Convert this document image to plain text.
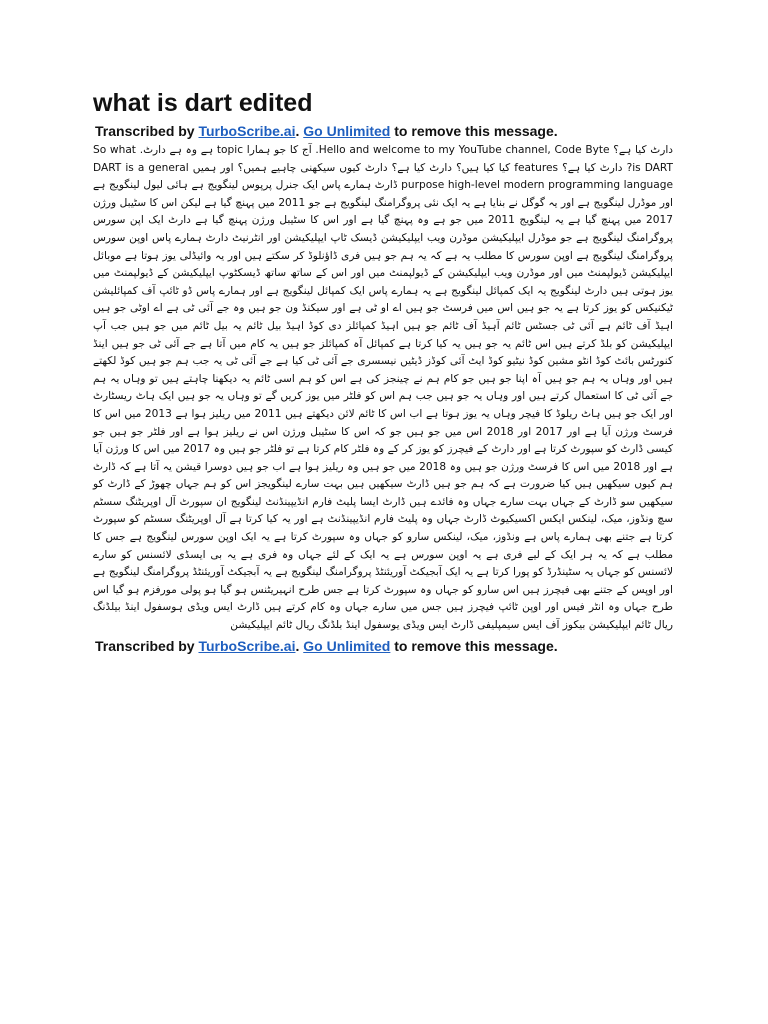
what is dart edited
Transcribed by TurboScribe.ai. Go Unlimited to remove this message.
دارٹ کیا ہے؟ Hello and welcome to my YouTube channel, Code Byte. آج کا جو ہمارا topic ہے وہ ہے دارٹ. So what is DART? دارٹ کیا ہے؟ features کیا کیا ہیں؟ دارٹ کیا ہے؟ دارٹ کیوں سیکھنی چاہیے ہمیں؟ اور ہمیں DART is a general purpose high-level modern programming language ڈارٹ ہمارے پاس ایک جنرل پرپوس لینگویج ہے ہائی لیول لینگویج ہے اور موڈرل لینگویج ہے اور یہ گوگل نے بنایا ہے یہ ایک نئی پروگرامنگ لینگویج ہے جو 2011 میں پہنچ گیا ہے لیکن اس کا سٹیبل ورژن 2017 میں پہنچ گیا ہے یہ لینگویج 2011 میں جو ہے وہ پہنچ گیا ہے اور اس کا سٹیبل ورژن پہنچ گیا ہے دارٹ ایک اپن سورس پروگرامنگ لینگویج ہے جو موڈرل ایپلیکیشن موڈرن ویب ایپلیکیشن ڈیسک ٹاپ ایپلیکیشن اور انٹرنیٹ دارٹ ہمارے پاس اوپن سورس پروگرامنگ لینگویج ہے اوپن سورس کا مطلب یہ ہے کہ یہ ہم جو ہیں فری ڈاؤنلوڈ کر سکتے ہیں اور یہ وائیڈلی یوز ہوتا ہے موبائل ایپلیکیشن ڈیولپمنٹ میں اور موڈرن ویب ایپلیکیشن کے ڈیولپمنٹ میں اور اس کے ساتھ ساتھ ڈیسکٹوپ ایپلیکیشن کے ڈیولپمنٹ میں یوز ہوتی ہیں دارٹ لینگویج یہ ایک کمپائل لینگویج ہے یہ ہمارے پاس ایک کمپائل لینگویج ہے اور ہمارے پاس ڈو ٹائپ آف کمپائلیشن ٹیکنیکس کو یوز کرتا ہے یہ جو ہیں اس میں فرسٹ جو ہیں اے او ٹی ہے اور سیکنڈ ون جو ہیں وہ جے آئی ٹی ہے اے اوٹی جو ہیں اہیڈ آف ٹائم ہے آئی ٹی جسٹس ٹائم آہیڈ آف ٹائم جو ہیں اہیڈ کمپائلز دی کوڈ اہیڈ بیل ٹائم یہ بیل ٹائم میں جو ہیں جب آپ ایپلیکیشن کو بلڈ کرتے ہیں اس ٹائم یہ جو ہیں یہ کیا کرتا ہے کمپائل آہ کمپائلز جو ہیں یہ کام میں آتا ہے جے آئی ٹی جو ہیں اینڈ کنورٹس بائٹ کوڈ انٹو مشین کوڈ نیٹیو کوڈ ایٹ آئی کوڈز ڈیٹیں نیسسری جے آئی ٹی کیا ہے جے آئی ٹی یہ جب ہم جو ہیں کوڈ لکھتے ہیں اور وہاں یہ ہم جو ہیں آہ اپنا جو ہیں جو کام ہم نے چینجز کی ہے اس کو ہم اسی ٹائم یہ دیکھنا چاہتے ہیں تو وہاں یہ ہم جے آئی ٹی کا استعمال کرتے ہیں اور وہاں یہ جو ہیں جب ہم اس کو فلٹر میں یوز کریں گے تو وہاں یہ جو ہیں ایک ہاٹ ریسٹارٹ اور ایک جو ہیں ہاٹ ریلوڈ کا فیچر وہاں یہ یوز ہوتا ہے اب اس کا ٹائم لائن دیکھتے ہیں 2011 میں ریلیز ہوا ہے 2013 میں اس کا فرسٹ ورژن آیا ہے اور 2017 اور 2018 اس میں جو ہیں جو کہ اس کا سٹیبل ورژن اس نے ریلیز ہوا ہے اور فلٹر جو ہیں جو کیسی ڈارٹ کو سپورٹ کرتا ہے اور دارٹ کے فیچرز کو یوز کر کے وہ فلٹر کام کرتا ہے تو فلٹر جو ہیں وہ 2017 میں اس کا ورژن آیا ہے اور 2018 میں اس کا فرسٹ ورژن جو ہیں وہ 2018 میں جو ہیں وہ ریلیز ہوا ہے اب جو ہیں دوسرا قیشن یہ آتا ہے کہ ڈارٹ ہم کیوں سیکھیں ہیں کیا ضرورت ہے کہ ہم جو ہیں ڈارٹ سیکھیں ہیں بہت سارے لینگویجز اس کو ہم جہاں چھوڑ کے ڈارٹ کو سیکھیں سو ڈارٹ کے جہاں بہت سارے جہاں وہ فائدے ہیں ڈارٹ ایسا پلیٹ فارم انڈیپینڈنٹ لینگویج ان سپورٹ آل اوپریٹنگ سسٹم سچ ونڈوز، میک، لینکس ایکس اکسیکیوٹ ڈارٹ جہاں وہ پلیٹ فارم انڈیپینڈنٹ ہے اور یہ کیا کرتا ہے آل اوپریٹنگ سسٹم کو سپورٹ کرتا ہے جتنے بھی ہمارے پاس ہے ونڈوز، میک، لینکس سارو کو جہاں وہ سپورٹ کرتا ہے یہ ایک اوپن سورس لینگویج ہے جس کا مطلب ہے کہ یہ ہر ایک کے لیے فری ہے یہ اوپن سورس ہے یہ ایک کے لئے جہاں وہ فری ہے یہ بی ایسڈی لائسنس کو سارے لائسنس کو جہاں یہ سٹینڈرڈ کو پورا کرتا ہے یہ ایک آبجیکٹ آوریئنٹڈ پروگرامنگ لینگویج ہے یہ آبجیکٹ آوریئنٹڈ پروگرامنگ لینگویج ہے اور اوپس کے جتنے بھی فیچرز ہیں اس سارو کو جہاں وہ سپورٹ کرتا ہے جس طرح انہیریٹنس ہو گیا ہو پولی مورفزم ہو گیا اس طرح جہاں وہ انٹر فیس اور اوپن ٹائپ فیچرز ہیں جس میں سارے جہاں وہ کام کرتے ہیں ڈارٹ ایس ویڈی ہوسفول اینڈ بیلڈنگ ریال ٹائم ایپلیکیشن بیکوز آف ایس سیمپلیفی ڈارٹ ایس ویڈی یوسفول اینڈ بلڈنگ ریال ٹائم ایپلیکیشن
Transcribed by TurboScribe.ai. Go Unlimited to remove this message.
